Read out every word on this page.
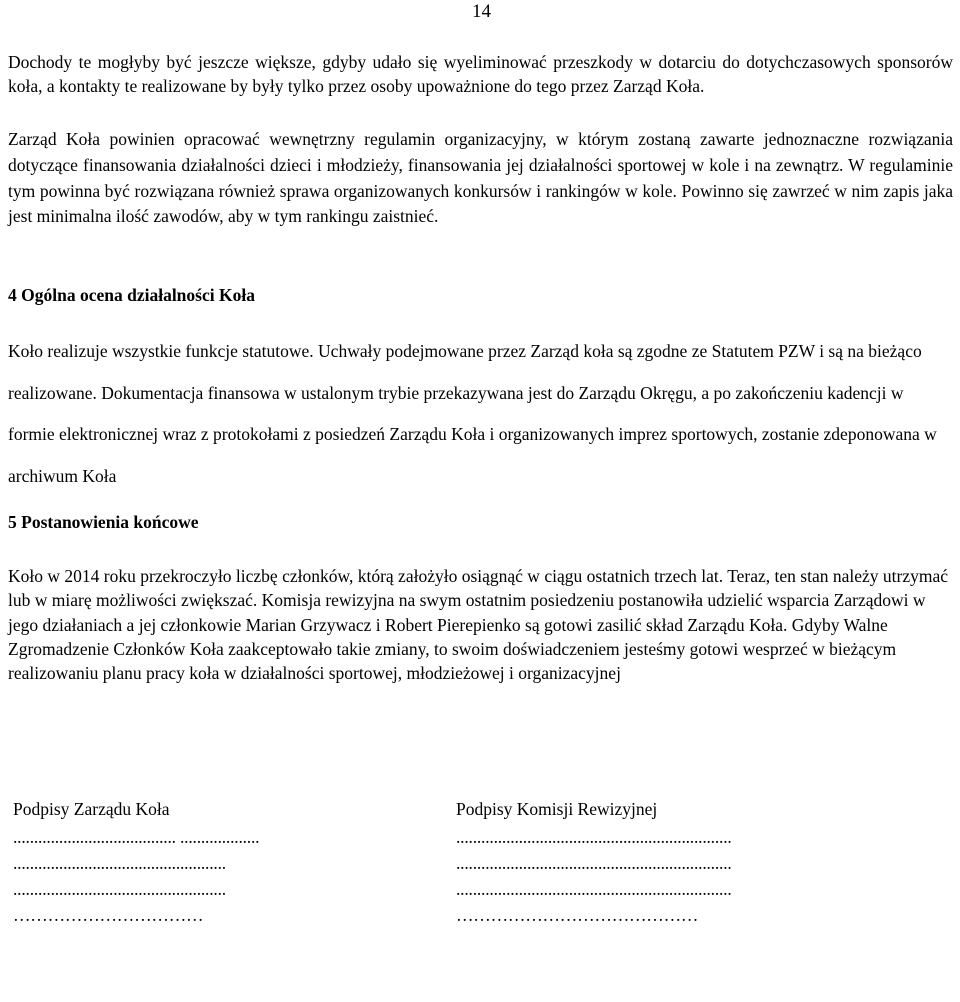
14

Dochody te mogłyby być jeszcze większe, gdyby udało się wyeliminować przeszkody w dotarciu do dotychczasowych sponsorów koła, a kontakty te realizowane by były tylko przez osoby upoważnione do tego przez Zarząd Koła.

Zarząd Koła powinien opracować wewnętrzny regulamin organizacyjny, w którym zostaną zawarte jednoznaczne rozwiązania dotyczące finansowania działalności dzieci i młodzieży, finansowania jej działalności sportowej w kole i na zewnątrz. W regulaminie tym powinna być rozwiązana również sprawa organizowanych konkursów i rankingów w kole. Powinno się zawrzeć w nim zapis jaka jest minimalna ilość zawodów, aby w tym rankingu zaistnieć.

4 Ogólna ocena działalności Koła

Koło realizuje wszystkie funkcje statutowe. Uchwały podejmowane przez Zarząd koła są zgodne ze Statutem PZW i są na bieżąco realizowane. Dokumentacja finansowa w ustalonym trybie przekazywana jest do Zarządu Okręgu, a po zakończeniu kadencji w formie elektronicznej wraz z protokołami z posiedzeń Zarządu Koła i organizowanych imprez sportowych, zostanie zdeponowana w archiwum Koła

5 Postanowienia końcowe

Koło w 2014 roku przekroczyło liczbę członków, którą założyło osiągnąć w ciągu ostatnich trzech lat. Teraz, ten stan należy utrzymać lub w miarę możliwości zwiększać. Komisja rewizyjna na swym ostatnim posiedzeniu postanowiła udzielić wsparcia Zarządowi w jego działaniach a jej członkowie Marian Grzywacz i Robert Pierepienko są gotowi zasilić skład Zarządu Koła. Gdyby Walne Zgromadzenie Członków Koła zaakceptowało takie zmiany, to swoim doświadczeniem jesteśmy gotowi wesprzeć w bieżącym realizowaniu planu pracy koła w działalności sportowej, młodzieżowej i organizacyjnej

Podpisy Zarządu Koła
....................................... ...................
...................................................
...................................................
……………………………
Podpisy Komisji Rewizyjnej
..................................................................
..................................................................
..................................................................
……………………………………
